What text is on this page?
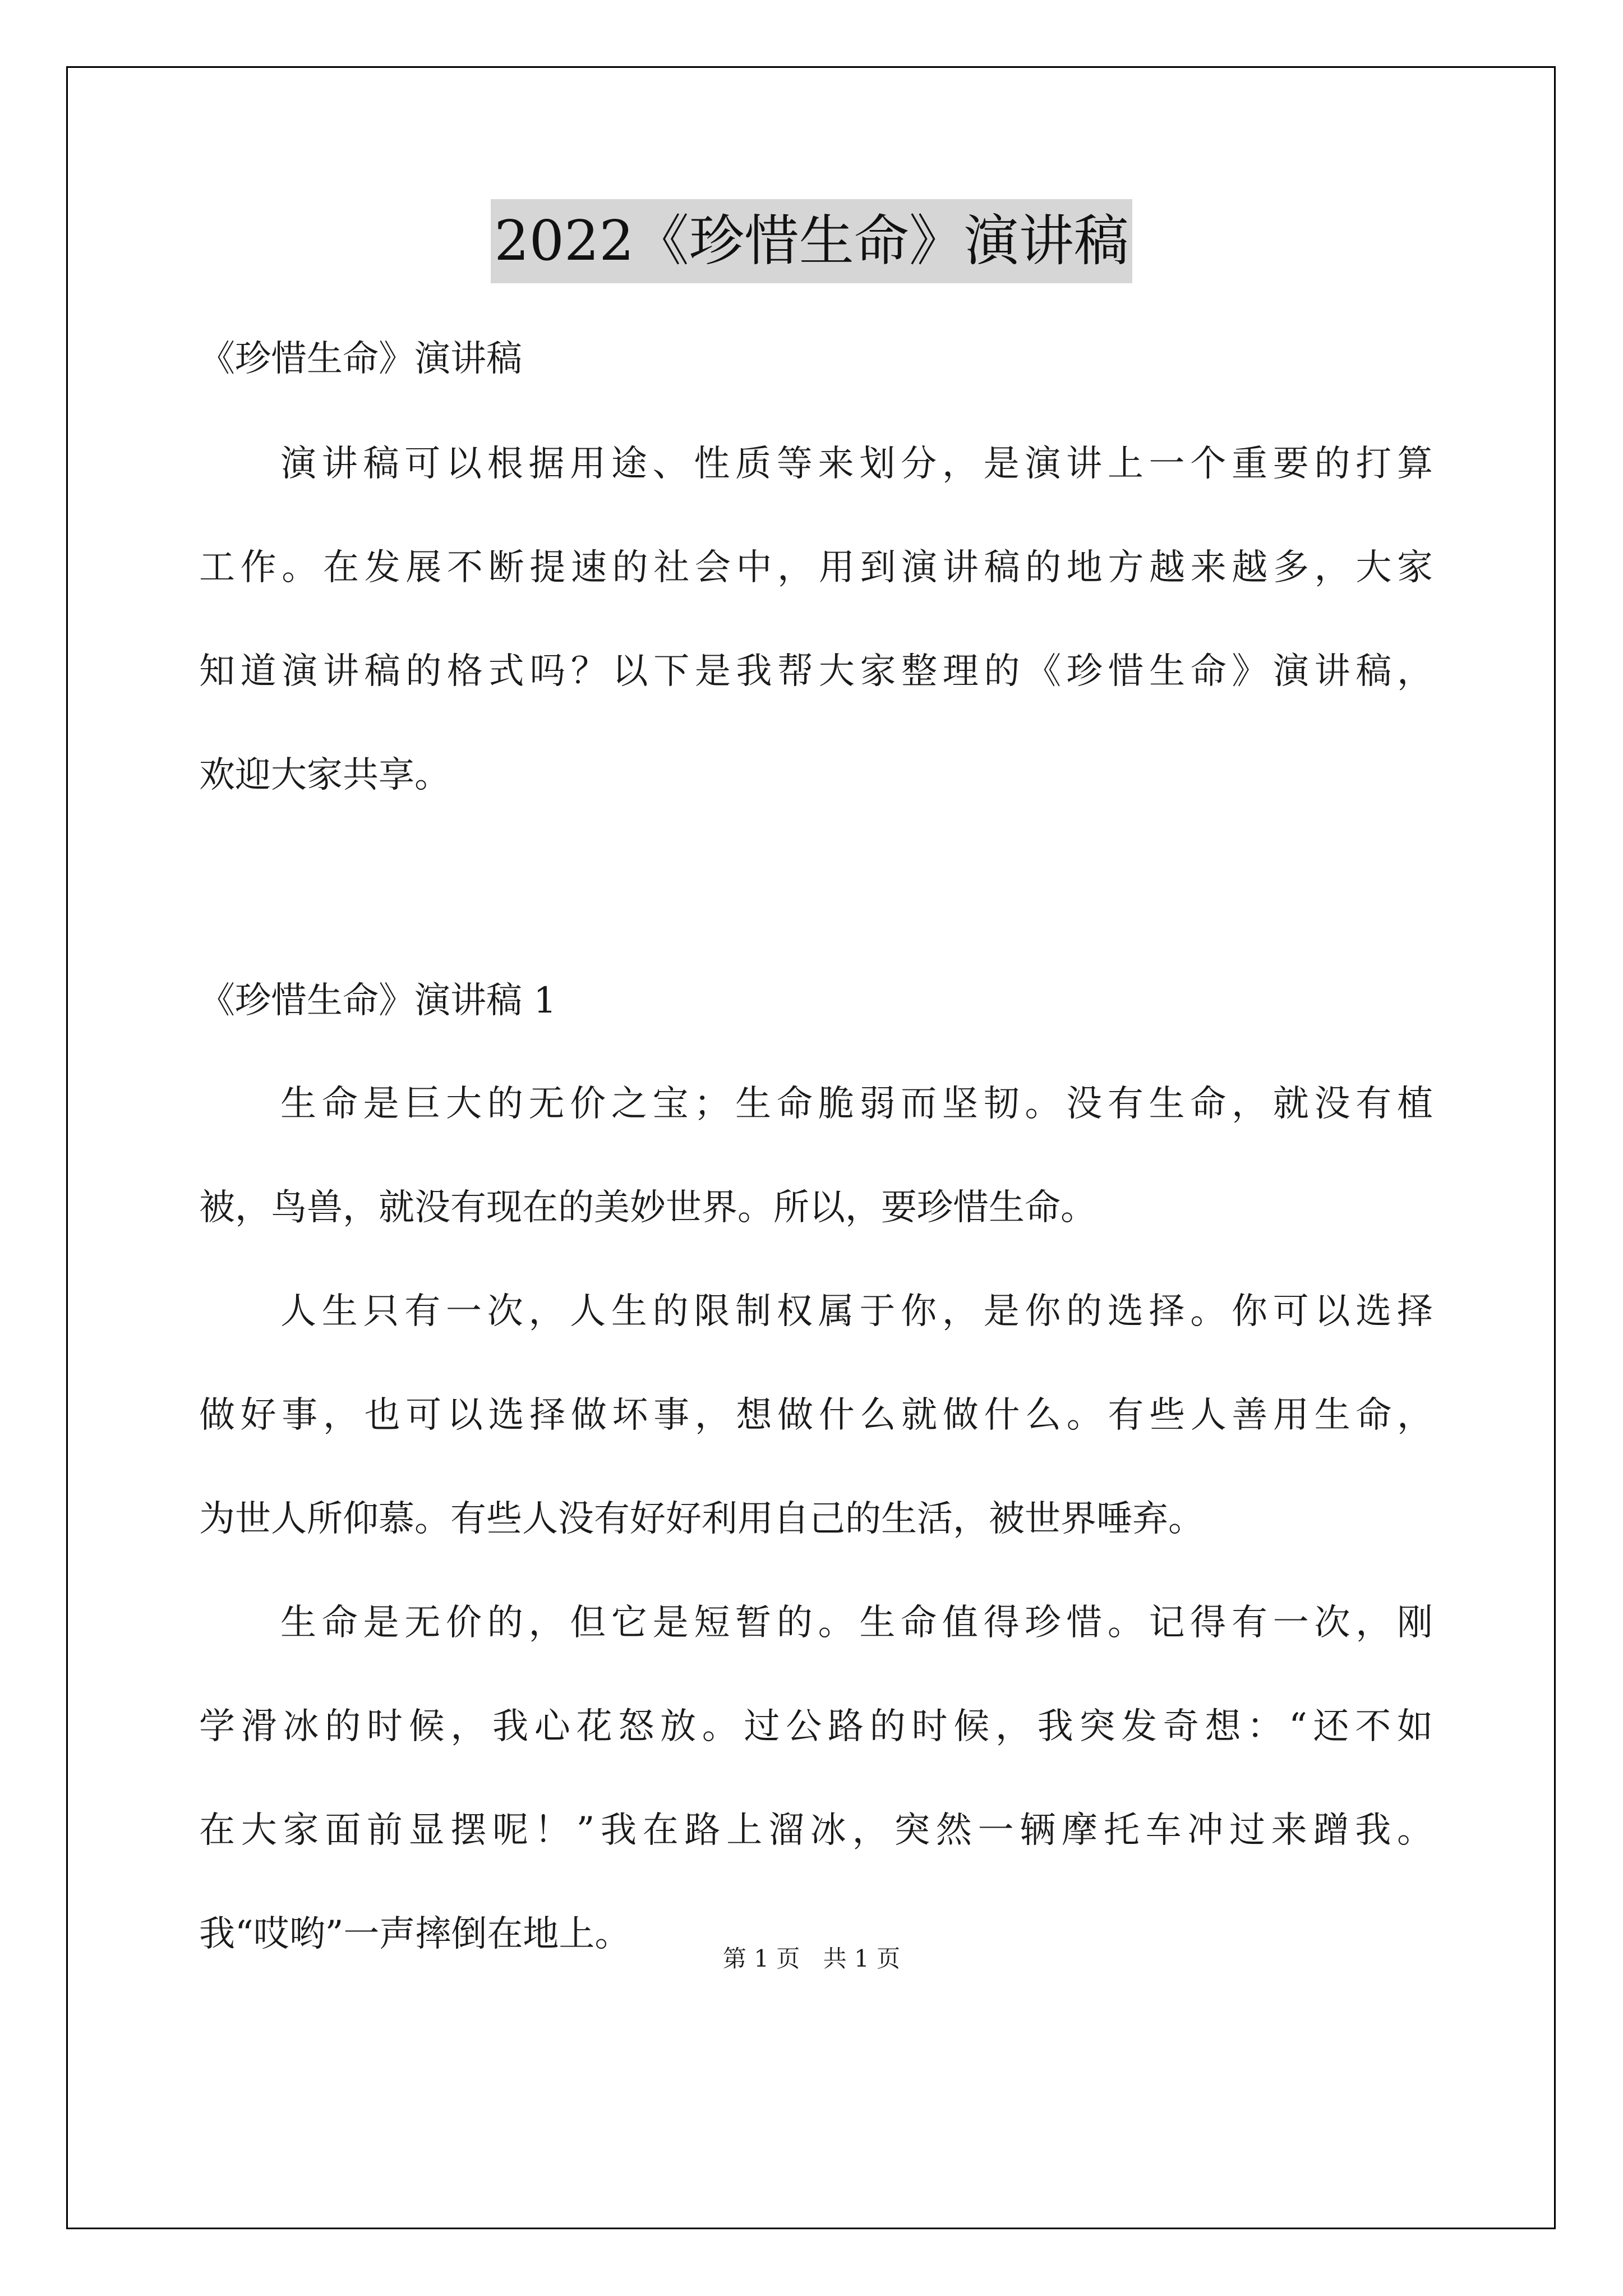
2022《珍惜生命》演讲稿
《珍惜生命》演讲稿
演讲稿可以根据用途、性质等来划分，是演讲上一个重要的打算
工作。在发展不断提速的社会中，用到演讲稿的地方越来越多，大家
知道演讲稿的格式吗？以下是我帮大家整理的《珍惜生命》演讲稿，
欢迎大家共享。
《珍惜生命》演讲稿 1
生命是巨大的无价之宝；生命脆弱而坚韧。没有生命，就没有植
被，鸟兽，就没有现在的美妙世界。所以，要珍惜生命。
人生只有一次，人生的限制权属于你，是你的选择。你可以选择
做好事，也可以选择做坏事，想做什么就做什么。有些人善用生命，
为世人所仰慕。有些人没有好好利用自己的生活，被世界唾弃。
生命是无价的，但它是短暂的。生命值得珍惜。记得有一次，刚
学滑冰的时候，我心花怒放。过公路的时候，我突发奇想：“还不如
在大家面前显摆呢！”我在路上溜冰，突然一辆摩托车冲过来蹭我。
我“哎哟”一声摔倒在地上。
第 1 页 共 1 页
